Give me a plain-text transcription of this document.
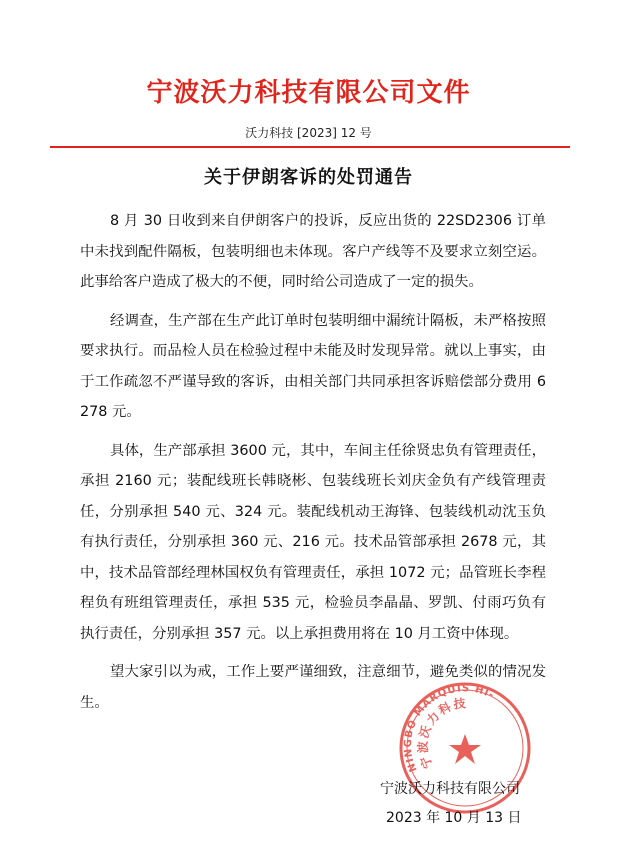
宁波沃力科技有限公司文件
沃力科技 [2023] 12 号
关于伊朗客诉的处罚通告

8 月 30 日收到来自伊朗客户的投诉，反应出货的 22SD2306 订单中未找到配件隔板，包装明细也未体现。客户产线等不及要求立刻空运。此事给客户造成了极大的不便，同时给公司造成了一定的损失。

经调查，生产部在生产此订单时包装明细中漏统计隔板，未严格按照要求执行。而品检人员在检验过程中未能及时发现异常。就以上事实，由于工作疏忽不严谨导致的客诉，由相关部门共同承担客诉赔偿部分费用 6278 元。

具体，生产部承担 3600 元，其中，车间主任徐贤忠负有管理责任，承担 2160 元；装配线班长韩晓彬、包装线班长刘庆金负有产线管理责任，分别承担 540 元、324 元。装配线机动王海锋、包装线机动沈玉负有执行责任，分别承担 360 元、216 元。技术品管部承担 2678 元，其中，技术品管部经理林国权负有管理责任，承担 1072 元；品管班长李程程负有班组管理责任，承担 535 元，检验员李晶晶、罗凯、付雨巧负有执行责任，分别承担 357 元。以上承担费用将在 10 月工资中体现。

望大家引以为戒，工作上要严谨细致，注意细节，避免类似的情况发生。

NINGBO MARQUIS HI-
宁波沃力科技
宁波沃力科技有限公司
2023 年 10 月 13 日
